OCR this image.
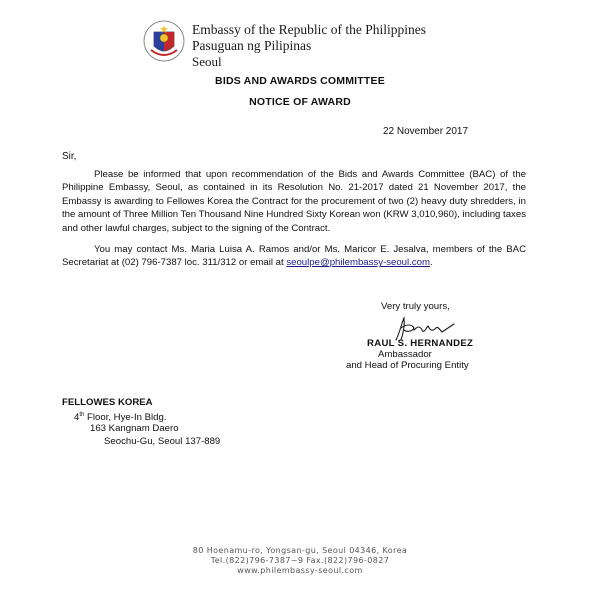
Embassy of the Republic of the Philippines
Pasuguan ng Pilipinas
Seoul
BIDS AND AWARDS COMMITTEE
NOTICE OF AWARD
22 November 2017
Sir,
Please be informed that upon recommendation of the Bids and Awards Committee (BAC) of the Philippine Embassy, Seoul, as contained in its Resolution No. 21-2017 dated 21 November 2017, the Embassy is awarding to Fellowes Korea the Contract for the procurement of two (2) heavy duty shredders, in the amount of Three Million Ten Thousand Nine Hundred Sixty Korean won (KRW 3,010,960), including taxes and other lawful charges, subject to the signing of the Contract.
You may contact Ms. Maria Luisa A. Ramos and/or Ms. Maricor E. Jesalva, members of the BAC Secretariat at (02) 796-7387 loc. 311/312 or email at seoulpe@philembassy-seoul.com.
Very truly yours,
RAUL S. HERNANDEZ
Ambassador
and Head of Procuring Entity
FELLOWES KOREA
4th Floor, Hye-In Bldg.
163 Kangnam Daero
Seochu-Gu, Seoul 137-889
80 Hoenamu-ro, Yongsan-gu, Seoul 04346, Korea
Tel.(822)796-7387~9 Fax.(822)796-0827
www.philembassy-seoul.com
